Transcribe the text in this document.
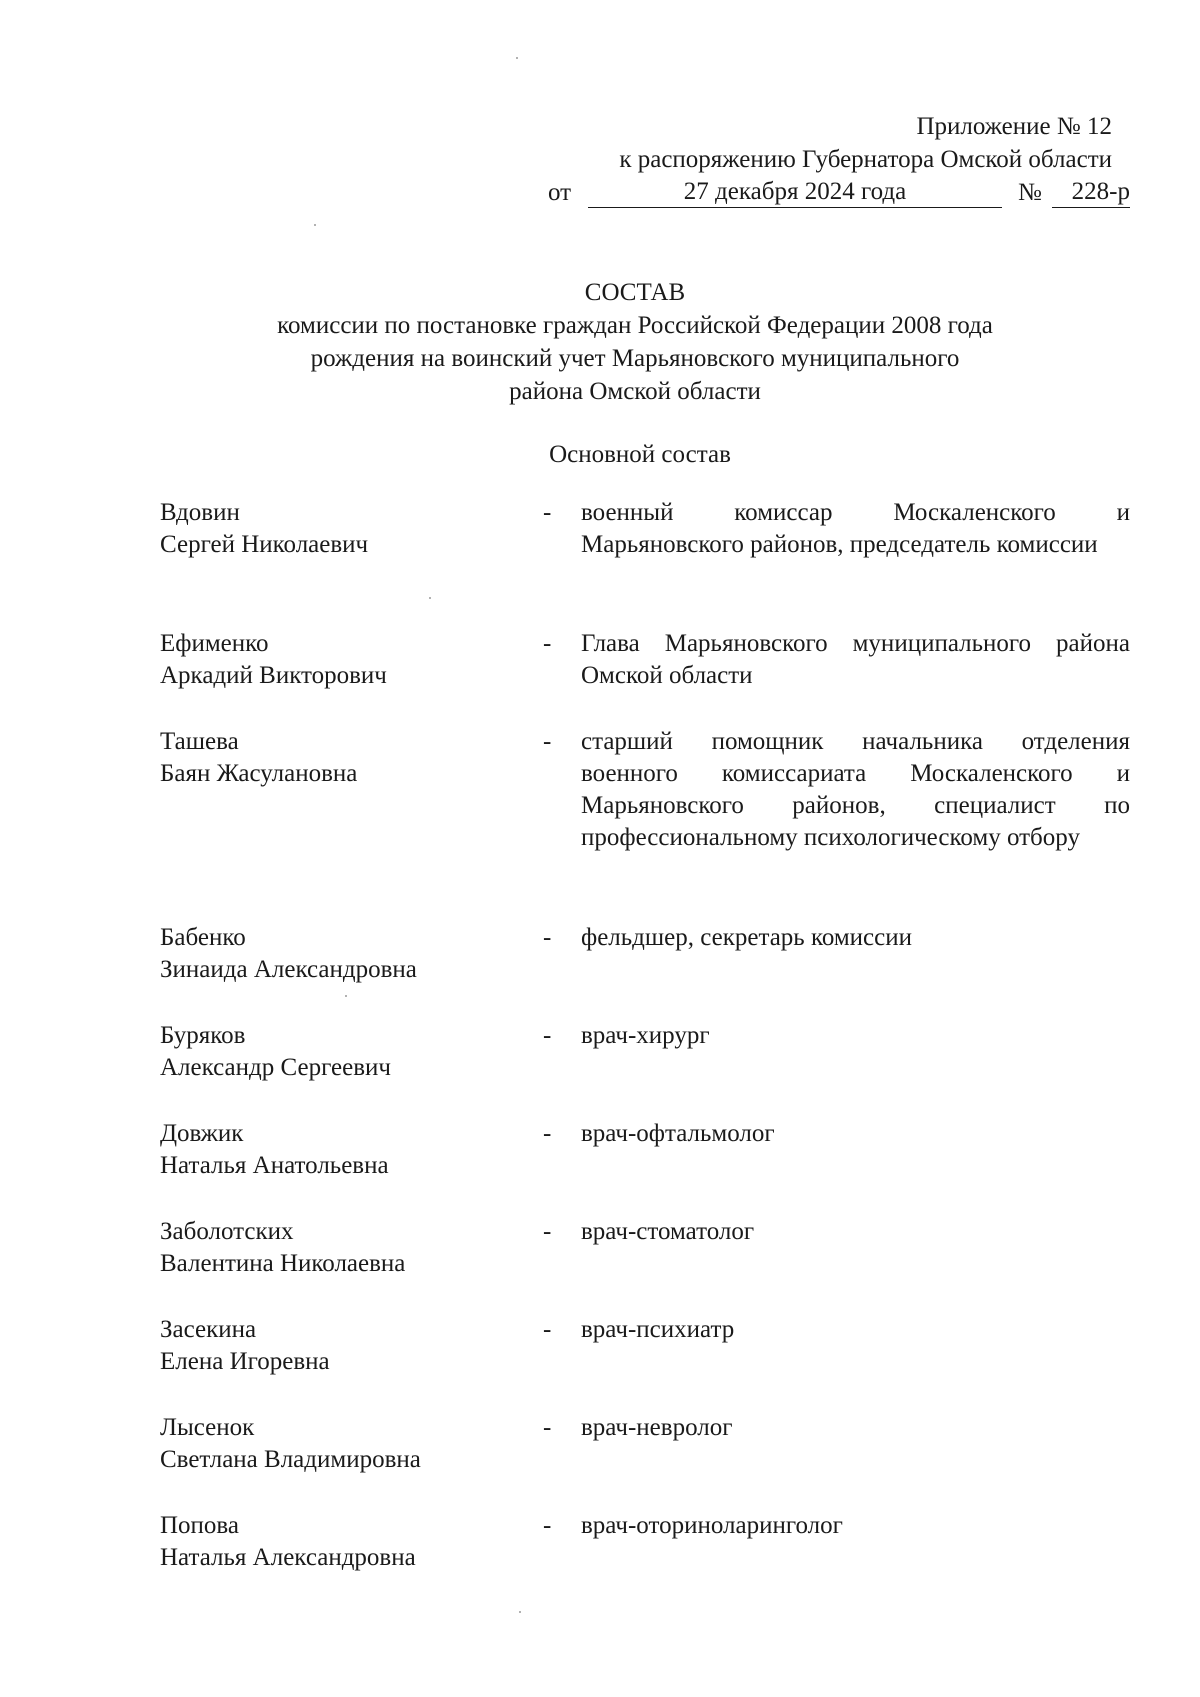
Приложение № 12
к распоряжению Губернатора Омской области
от	27 декабря 2024 года	№	228-р
СОСТАВ
комиссии по постановке граждан Российской Федерации 2008 года
рождения на воинский учет Марьяновского муниципального
района Омской области
Основной состав
Вдовин
Сергей Николаевич
-	военный комиссар Москаленского и Марьяновского районов, председатель комиссии
Ефименко
Аркадий Викторович
-	Глава Марьяновского муниципального района Омской области
Ташева
Баян Жасулановна
-	старший помощник начальника отделения военного комиссариата Москаленского и Марьяновского районов, специалист по профессиональному психологическому отбору
Бабенко
Зинаида Александровна
-	фельдшер, секретарь комиссии
Буряков
Александр Сергеевич
-	врач-хирург
Довжик
Наталья Анатольевна
-	врач-офтальмолог
Заболотских
Валентина Николаевна
-	врач-стоматолог
Засекина
Елена Игоревна
-	врач-психиатр
Лысенок
Светлана Владимировна
-	врач-невролог
Попова
Наталья Александровна
-	врач-оториноларинголог
